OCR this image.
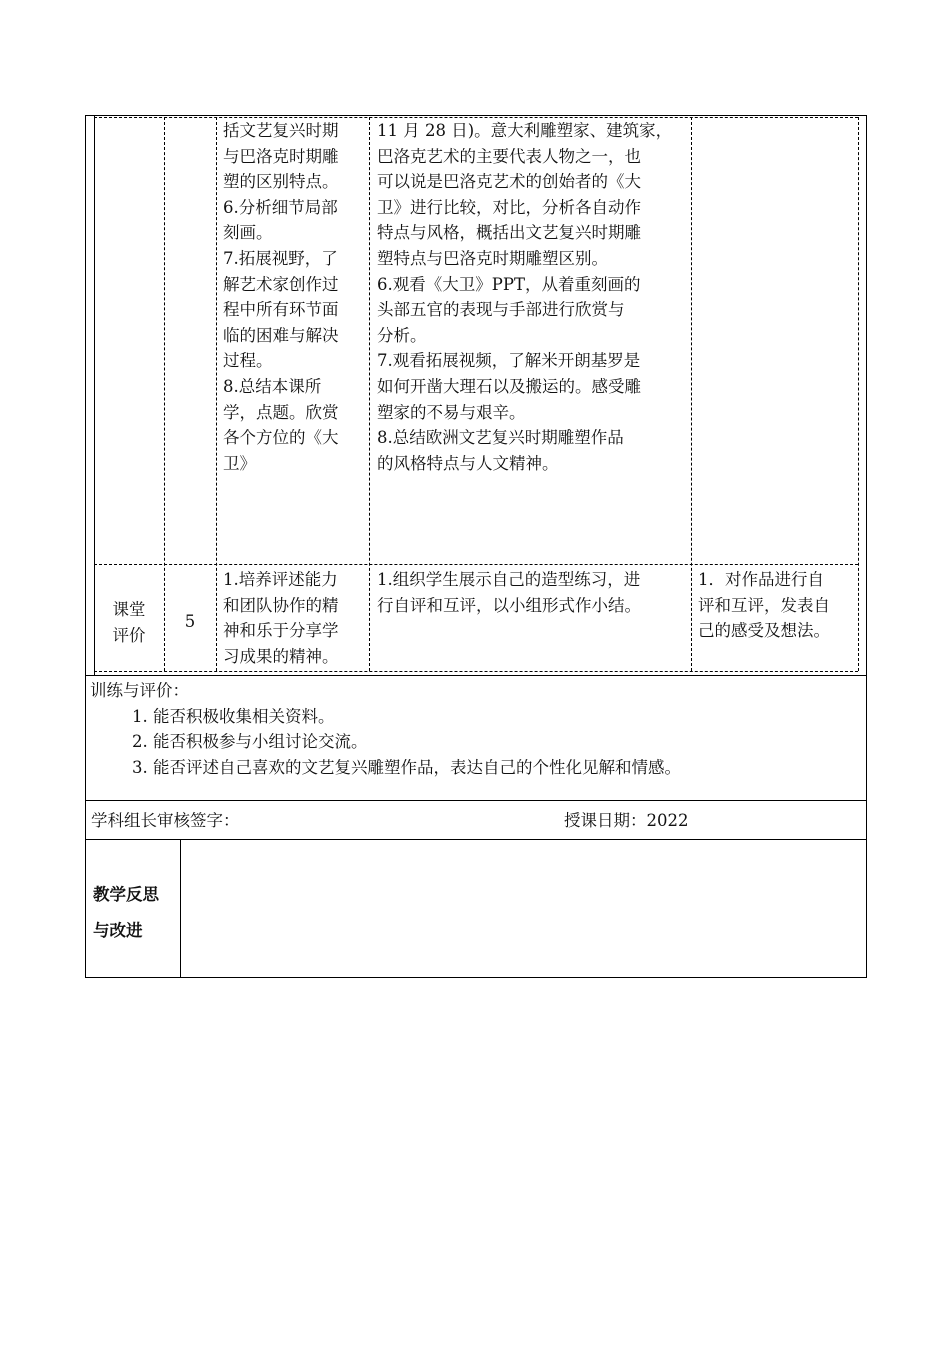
括文艺复兴时期
与巴洛克时期雕
塑的区别特点。
6.分析细节局部
刻画。
7.拓展视野，了
解艺术家创作过
程中所有环节面
临的困难与解决
过程。
8.总结本课所
学，点题。欣赏
各个方位的《大
卫》
11 月 28 日)。意大利雕塑家、建筑家，
巴洛克艺术的主要代表人物之一，也
可以说是巴洛克艺术的创始者的《大
卫》进行比较，对比，分析各自动作
特点与风格，概括出文艺复兴时期雕
塑特点与巴洛克时期雕塑区别。
6.观看《大卫》PPT，从着重刻画的
头部五官的表现与手部进行欣赏与
分析。
7.观看拓展视频，了解米开朗基罗是
如何开凿大理石以及搬运的。感受雕
塑家的不易与艰辛。
8.总结欧洲文艺复兴时期雕塑作品
的风格特点与人文精神。
课堂
评价
5
1.培养评述能力
和团队协作的精
神和乐于分享学
习成果的精神。
1.组织学生展示自己的造型练习，进
行自评和互评，以小组形式作小结。
1．对作品进行自
评和互评，发表自
己的感受及想法。
训练与评价：
1. 能否积极收集相关资料。
2. 能否积极参与小组讨论交流。
3. 能否评述自己喜欢的文艺复兴雕塑作品，表达自己的个性化见解和情感。
学科组长审核签字：	授课日期：2022
教学反思
与改进
